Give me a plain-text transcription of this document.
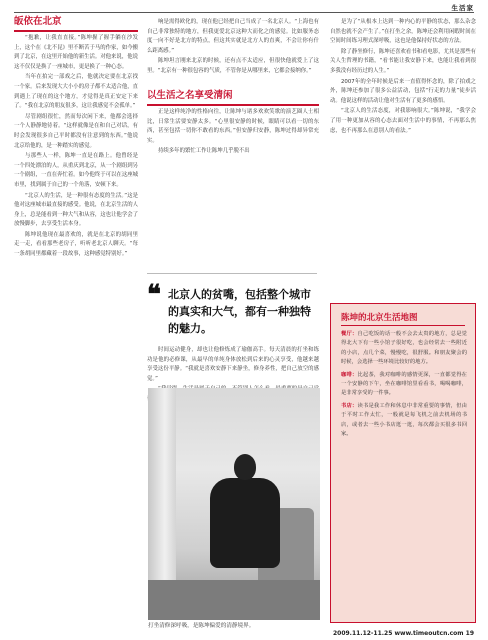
生活家
皈依在北京

“抱歉，让我直直接。”陈坤握了握手躺在沙发上，这个在《北不昆》里不断苦于马的作家，如今搬到了北京，在这里开始他的新生活。对他来说，他说这不仅仅是换了一座城市，更是换了一种心态。

当年在拍完一部戏之后，他就决定要在北京找一个家。后来发现大大小小的房子都不太适合他，直到遇上了现在的这个地方，才觉得是真正安定下来了。“我在北京的朋友很多，这让我感觉不会孤单。”

尽管剧组很忙，然而每次闲下来，他都会选择一个人静静地待着。“这样就像是在和自己对话，有时会发现很多自己平时都没有注意到的东西。”他说北京给他的，是一种踏实的感觉。

与那些人一样，陈坤一直是在路上。他曾经是一个四处漂泊的人，从重庆到北京，从一个剧组到另一个剧组，一直在奔忙着。如今他终于可以在这座城市里，找到属于自己的一个角落，安顿下来。

“北京人的生活，是一种很有态度的生活。”这是他对这座城市最直接的感受。他说，在北京生活的人身上，总是能看到一种大气和从容，这也让他学会了放慢脚步，去享受生活本身。

陈坤说他现在最喜欢的，就是在北京的胡同里走一走，看看那些老房子，听听老北京人聊天。“每一条胡同里都藏着一段故事，这种感觉特别好。”

响是需得欧化的，现在他已经把自己当成了一名北京人。“上海也有自己非常独特的地方，但我更爱北京这种大而化之的感觉。比如服务态度一向不好是北方的特点，但这其实就是北方人的直爽，不会让你有什么距离感。”

陈坤坦言刚来北京的时候，还有点不太适应，但很快他就爱上了这里。“北京有一种很包容的气质，不管你是从哪里来，它都会接纳你。”

以生活之名享受清闲

正是这样纯净的性格向往，让陈坤与诸多欢欢笑歌的演艺圈人士相比，日常生活要安静太多。“心里很安静的时候，眼睛可以看一切的东西，甚至包括一切你不敢看的东西。”但安静归安静，陈坤过得却异常充实。

持续多年的繁忙工作让陈坤几乎脱不出

❝ 北京人的贫嘴，包括整个城市的真实和大气，都有一种独特的魅力。

时间运动健身，却也让他修炼成了瑜伽高手。每天清晨的打坐和练功是他的必修课，从最早的单纯身体放松到后来的心灵享受，他越来越享受这份平静。“我就是喜欢安静下来静坐，修身养性，把自己放空的感觉。”

打坐清修深呼吸，是陈坤偏爱的清静境界。

是为了“从根本上达到一种内心的平静的状态，那么杂念自然也就不会产生了。”在打坐之余，陈坤还会利用闲暇时间在空间时间练习理式深呼吸，这也是他保持好状态的方法。

除了静坐修行，陈坤还喜欢看书和看电影，尤其是那些有关人生哲理的书籍，“看书能让我安静下来，也能让我看到很多我没有经历过的人生。”

2007年的全年时候是后来一直值得怀念的，除了拍戏之外，陈坤还参加了很多公益活动，包括“行走的力量”徒步活动。他说这样的活动让他对生活有了更多的感悟。

“北京人的生活态度，对我影响很大。”陈坤说，“我学会了用一种更加从容的心态去面对生活中的事情，不再那么焦虑，也不再那么在意别人的看法。”

陈坤的北京生活地图

餐厅：自己吃饭的话一般不会去太贵的地方，总是觉得北大下有一些小馆子很好吃，也会经常去一些附近的小店，点几个菜，慢慢吃，很舒服。和朋友聚会的时候，会选择一些环境比较好的地方。

咖啡：比起茶，我对咖啡的感情更深，一直都觉得在一个安静的下午，坐在咖啡馆里看看书，喝喝咖啡，是非常享受的一件事。

书店：读书是我工作和休息中非常重要的事情，但由于平时工作太忙，一般就是每飞机之前去机场的书店，或者去一些小书店逛一逛，每次都会买很多书回家。

2009.11.12-11.25 www.timeoutcn.com 19
